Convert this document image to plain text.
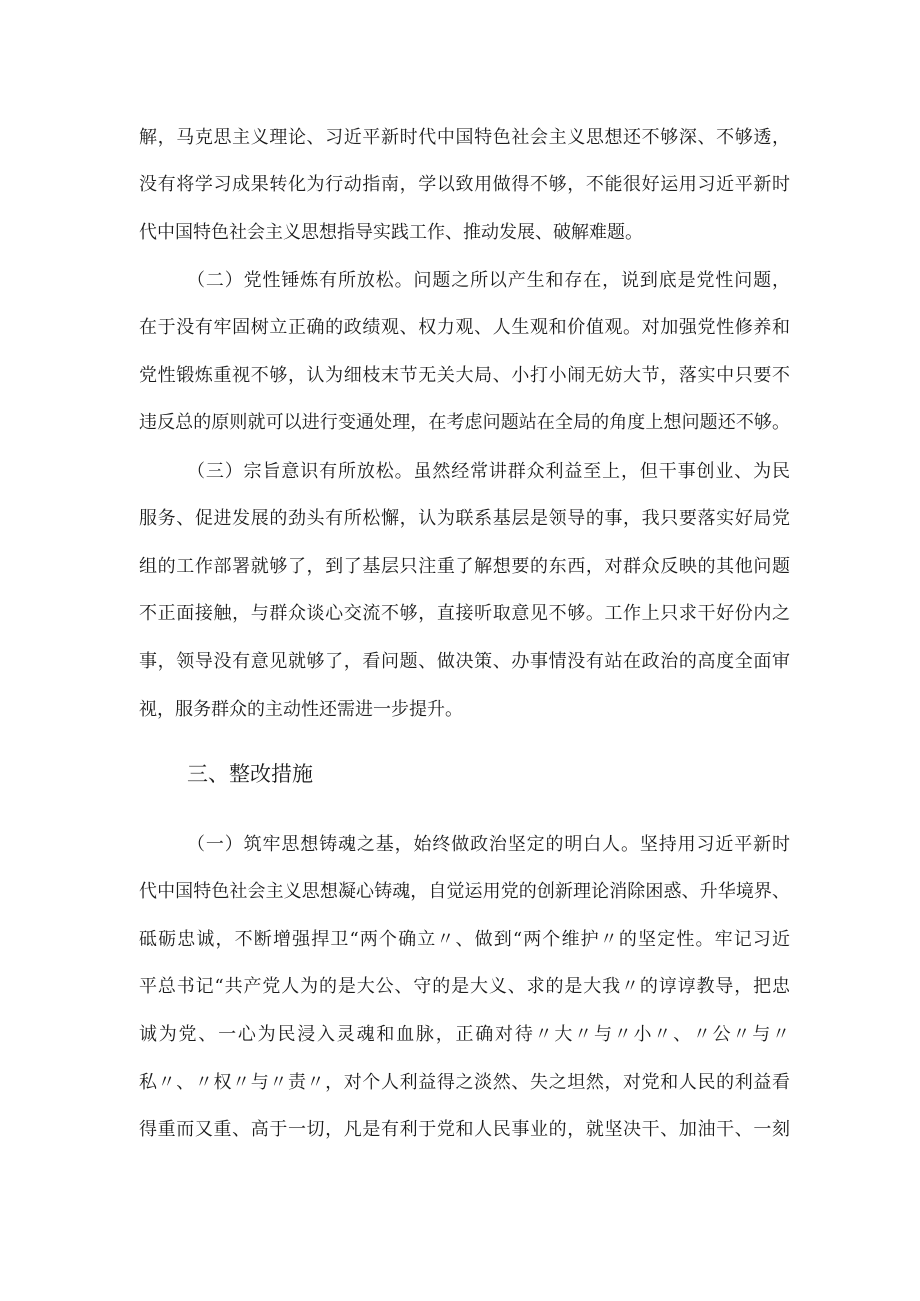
解，马克思主义理论、习近平新时代中国特色社会主义思想还不够深、不够透，
没有将学习成果转化为行动指南，学以致用做得不够，不能很好运用习近平新时
代中国特色社会主义思想指导实践工作、推动发展、破解难题。
（二）党性锤炼有所放松。问题之所以产生和存在，说到底是党性问题，
在于没有牢固树立正确的政绩观、权力观、人生观和价值观。对加强党性修养和
党性锻炼重视不够，认为细枝末节无关大局、小打小闹无妨大节，落实中只要不
违反总的原则就可以进行变通处理，在考虑问题站在全局的角度上想问题还不够。
（三）宗旨意识有所放松。虽然经常讲群众利益至上，但干事创业、为民
服务、促进发展的劲头有所松懈，认为联系基层是领导的事，我只要落实好局党
组的工作部署就够了，到了基层只注重了解想要的东西，对群众反映的其他问题
不正面接触，与群众谈心交流不够，直接听取意见不够。工作上只求干好份内之
事，领导没有意见就够了，看问题、做决策、办事情没有站在政治的高度全面审
视，服务群众的主动性还需进一步提升。
三、整改措施
（一）筑牢思想铸魂之基，始终做政治坚定的明白人。坚持用习近平新时
代中国特色社会主义思想凝心铸魂，自觉运用党的创新理论消除困惑、升华境界、
砥砺忠诚，不断增强捍卫“两个确立〃、做到“两个维护〃的坚定性。牢记习近
平总书记“共产党人为的是大公、守的是大义、求的是大我〃的谆谆教导，把忠
诚为党、一心为民浸入灵魂和血脉，正确对待〃大〃与〃小〃、〃公〃与〃
私〃、〃权〃与〃责〃，对个人利益得之淡然、失之坦然，对党和人民的利益看
得重而又重、高于一切，凡是有利于党和人民事业的，就坚决干、加油干、一刻
